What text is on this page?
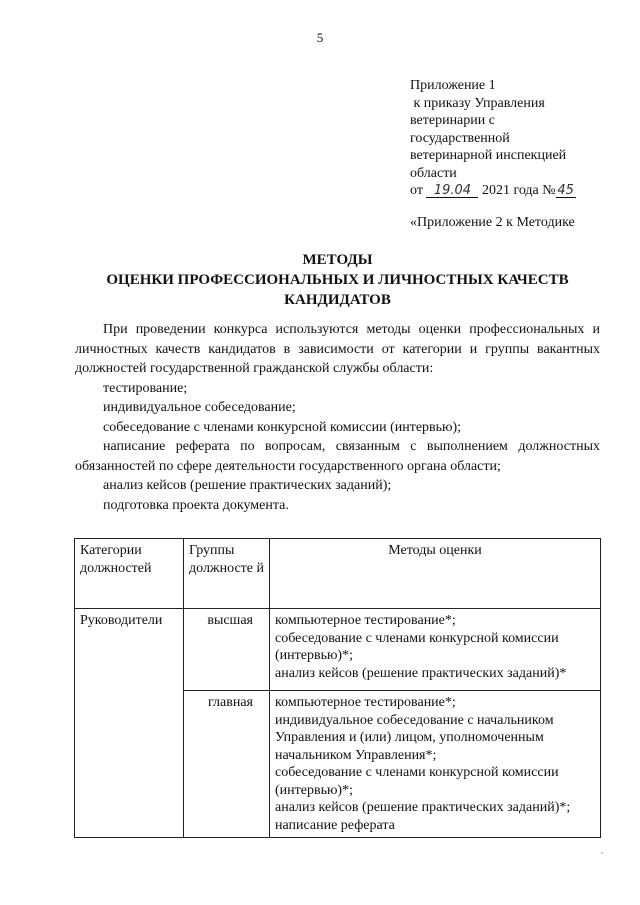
5
Приложение 1
к приказу Управления
ветеринарии с
государственной
ветеринарной инспекцией
области
от 19.04 2021 года № 45
«Приложение 2 к Методике
МЕТОДЫ
ОЦЕНКИ ПРОФЕССИОНАЛЬНЫХ И ЛИЧНОСТНЫХ КАЧЕСТВ
КАНДИДАТОВ

При проведении конкурса используются методы оценки профессиональных и личностных качеств кандидатов в зависимости от категории и группы вакантных должностей государственной гражданской службы области:

тестирование;
индивидуальное собеседование;
собеседование с членами конкурсной комиссии (интервью);
написание реферата по вопросам, связанным с выполнением должностных обязанностей по сфере деятельности государственного органа области;
анализ кейсов (решение практических заданий);
подготовка проекта документа.
Категории должностей	Группы должносте й	Методы оценки
Руководители	высшая	компьютерное тестирование*;
собеседование с членами конкурсной комиссии (интервью)*;
анализ кейсов (решение практических заданий)*

	главная	компьютерное тестирование*;
индивидуальное собеседование с начальником Управления и (или) лицом, уполномоченным начальником Управления*;
собеседование с членами конкурсной комиссии (интервью)*;
анализ кейсов (решение практических заданий)*;
написание реферата
